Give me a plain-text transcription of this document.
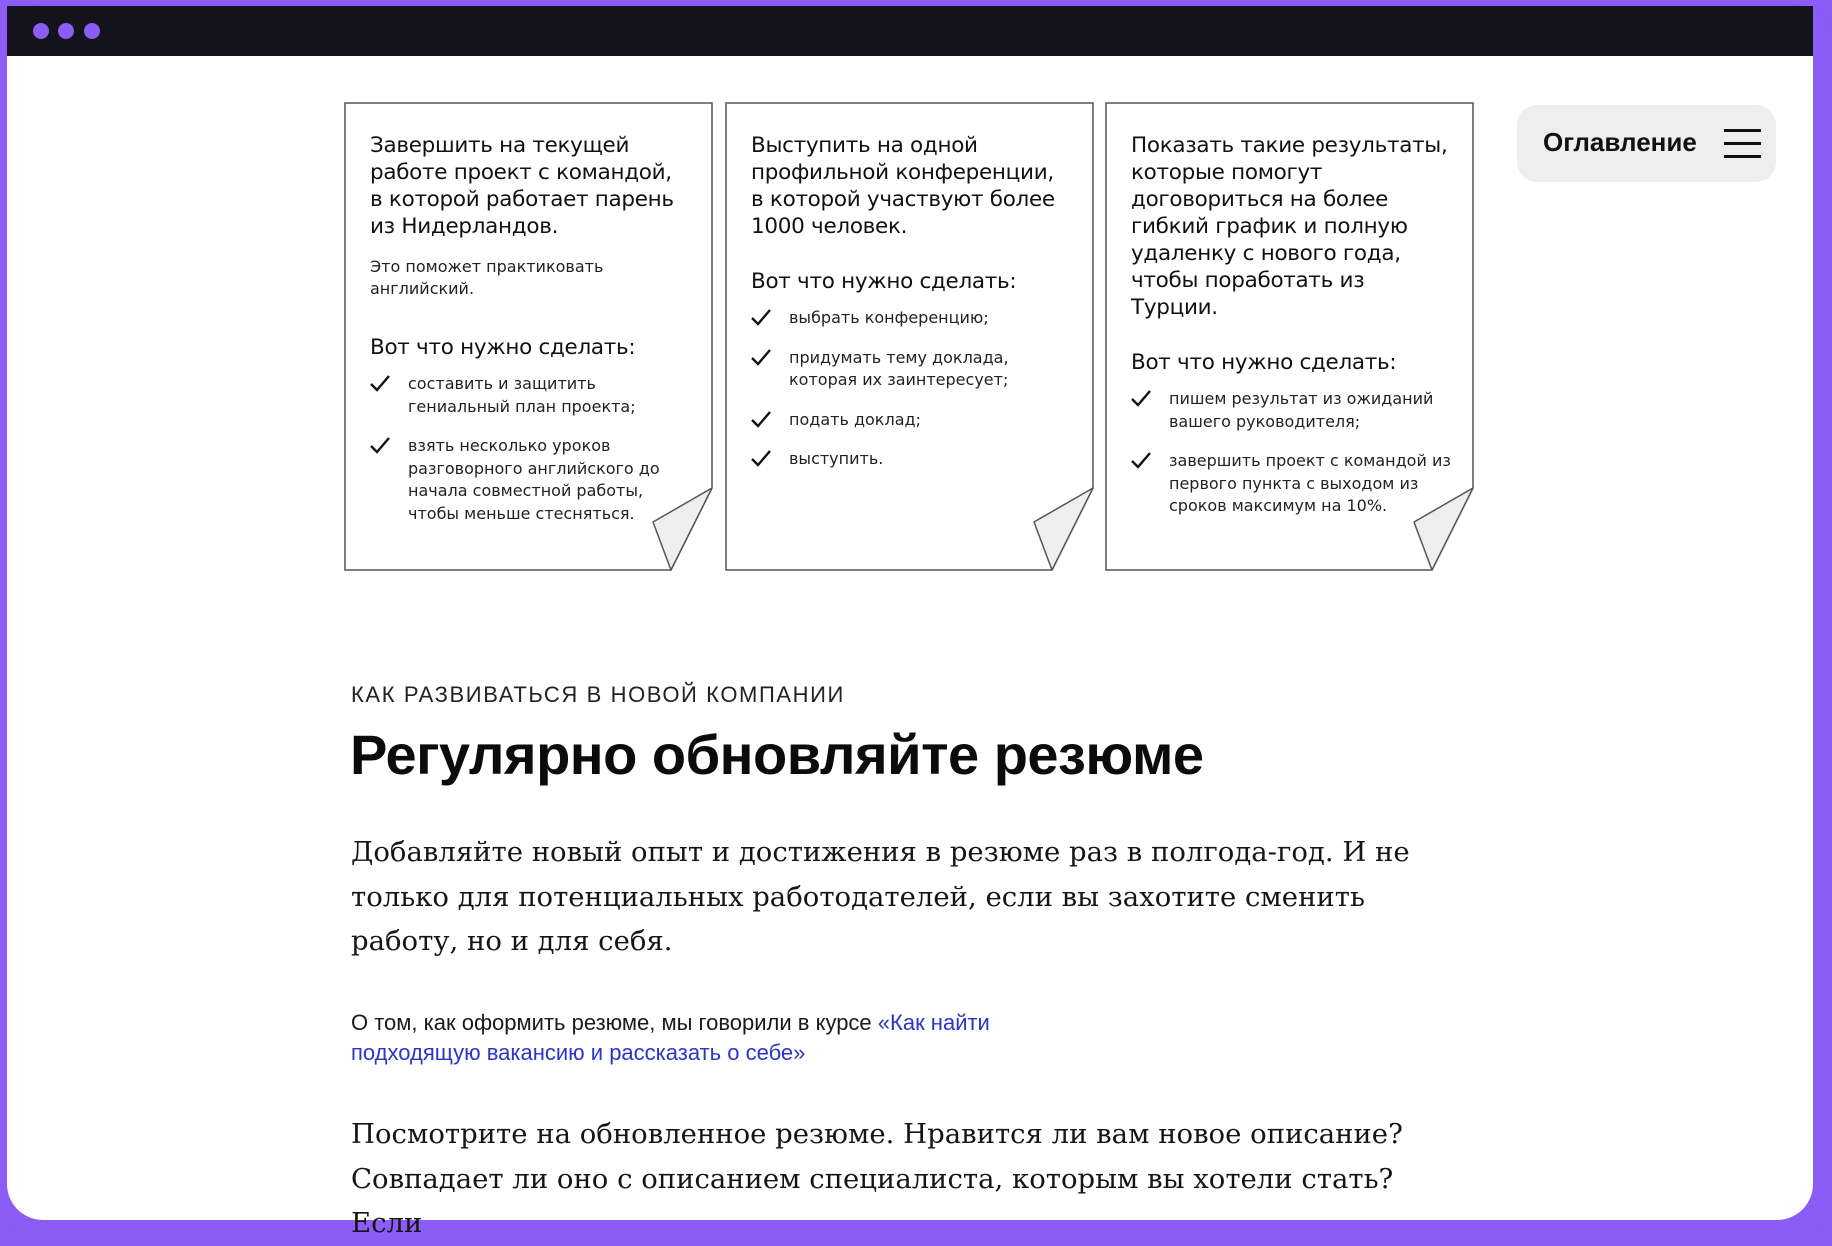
Завершить на текущей работе проект с командой, в которой работает парень из Нидерландов.

Это поможет практиковать английский.

Вот что нужно сделать:

составить и защитить гениальный план проекта;
взять несколько уроков разговорного английского до начала совместной работы, чтобы меньше стесняться.

Выступить на одной профильной конференции, в которой участвуют более 1000 человек.

Вот что нужно сделать:

выбрать конференцию;
придумать тему доклада, которая их заинтересует;
подать доклад;
выступить.

Показать такие результаты, которые помогут договориться на более гибкий график и полную удаленку с нового года, чтобы поработать из Турции.

Вот что нужно сделать:

пишем результат из ожиданий вашего руководителя;
завершить проект с командой из первого пункта с выходом из сроков максимум на 10%.
Оглавление
КАК РАЗВИВАТЬСЯ В НОВОЙ КОМПАНИИ
Регулярно обновляйте резюме

Добавляйте новый опыт и достижения в резюме раз в полгода-год. И не только для потенциальных работодателей, если вы захотите сменить работу, но и для себя.

О том, как оформить резюме, мы говорили в курсе «Как найти подходящую вакансию и рассказать о себе»

Посмотрите на обновленное резюме. Нравится ли вам новое описание? Совпадает ли оно с описанием специалиста, которым вы хотели стать? Если
